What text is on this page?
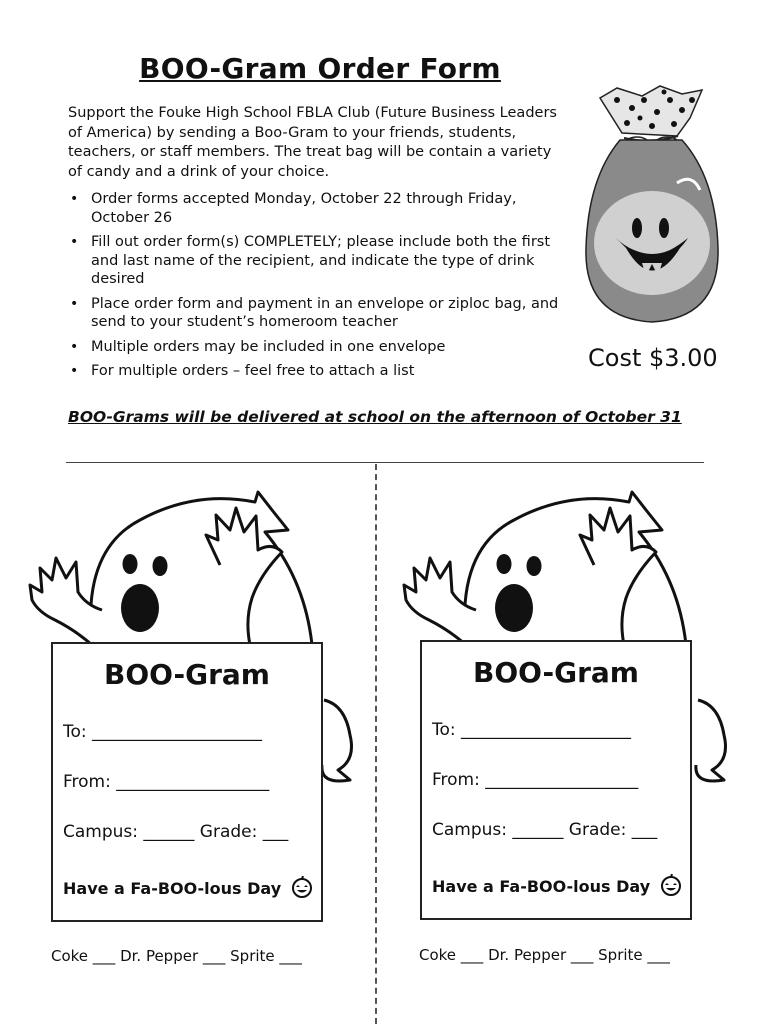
BOO-Gram Order Form
Support the Fouke High School FBLA Club (Future Business Leaders of America) by sending a Boo-Gram to your friends, students, teachers, or staff members. The treat bag will be contain a variety of candy and a drink of your choice.
• Order forms accepted Monday, October 22 through Friday, October 26
• Fill out order form(s) COMPLETELY; please include both the first and last name of the recipient, and indicate the type of drink desired
• Place order form and payment in an envelope or ziploc bag, and send to your student’s homeroom teacher
• Multiple orders may be included in one envelope
• For multiple orders – feel free to attach a list	Cost $3.00
BOO-Grams will be delivered at school on the afternoon of October 31
BOO-Gram
To: ____________________
From: __________________
Campus: ______ Grade: ___
Have a Fa-BOO-lous Day
Coke ___ Dr. Pepper ___ Sprite ___
BOO-Gram
To: ____________________
From: __________________
Campus: ______ Grade: ___
Have a Fa-BOO-lous Day
Coke ___ Dr. Pepper ___ Sprite ___
